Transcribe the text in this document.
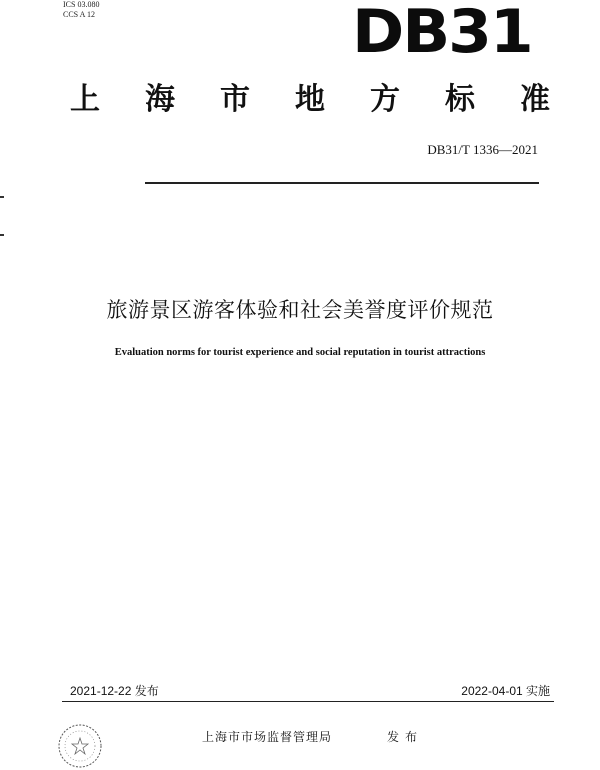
ICS 03.080
CCS A 12	DB31
上 海 市 地 方 标 准
DB31/T 1336—2021
旅游景区游客体验和社会美誉度评价规范
Evaluation norms for tourist experience and social reputation in tourist attractions
2021-12-22 发布	2022-04-01 实施
上海市市场监督管理局	发布
